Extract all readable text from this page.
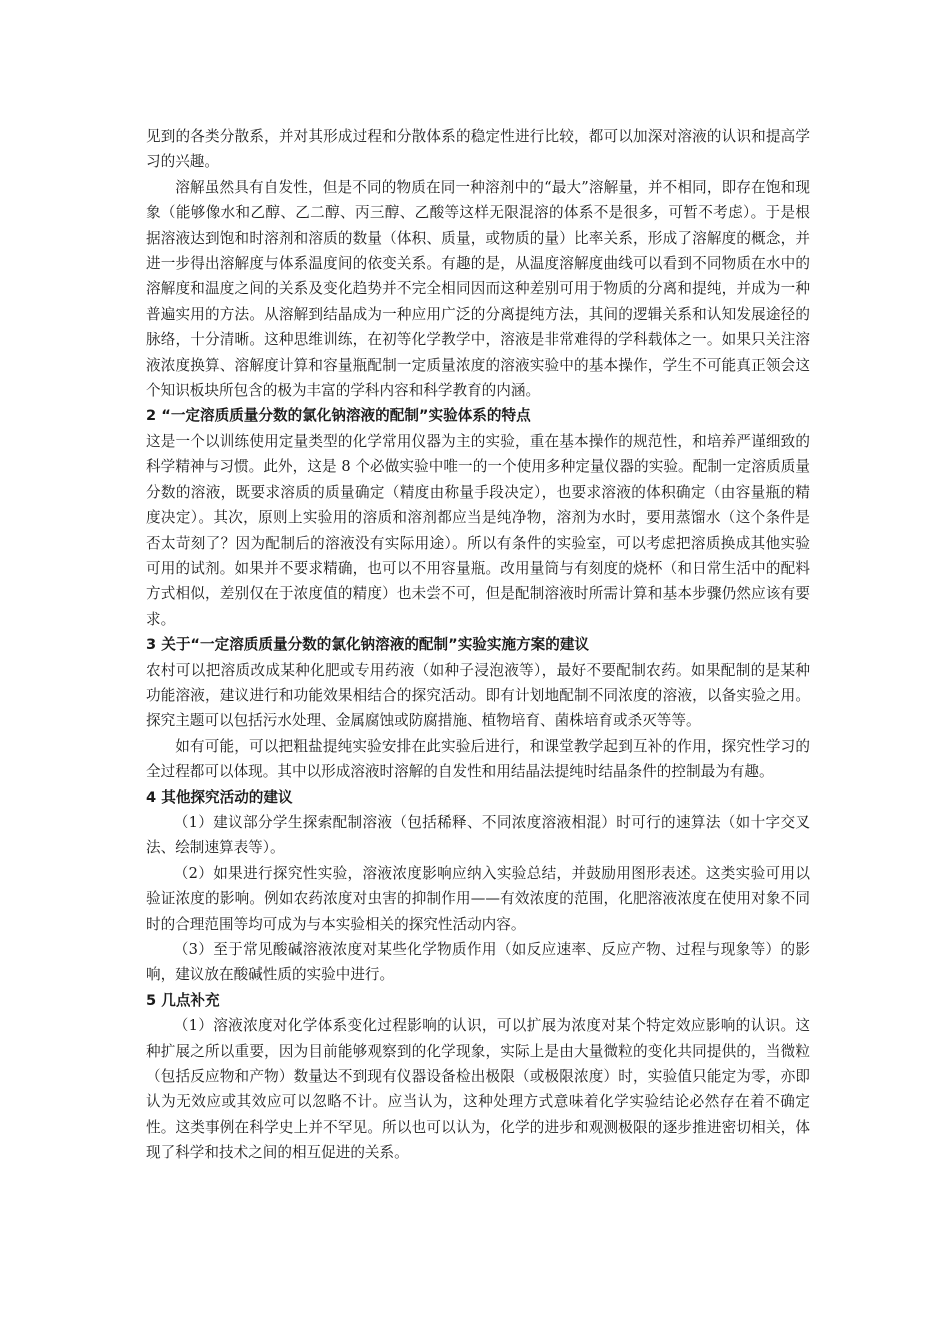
见到的各类分散系，并对其形成过程和分散体系的稳定性进行比较，都可以加深对溶液的认识和提高学习的兴趣。

溶解虽然具有自发性，但是不同的物质在同一种溶剂中的“最大”溶解量，并不相同，即存在饱和现象（能够像水和乙醇、乙二醇、丙三醇、乙酸等这样无限混溶的体系不是很多，可暂不考虑）。于是根据溶液达到饱和时溶剂和溶质的数量（体积、质量，或物质的量）比率关系，形成了溶解度的概念，并进一步得出溶解度与体系温度间的依变关系。有趣的是，从温度溶解度曲线可以看到不同物质在水中的溶解度和温度之间的关系及变化趋势并不完全相同因而这种差别可用于物质的分离和提纯，并成为一种普遍实用的方法。从溶解到结晶成为一种应用广泛的分离提纯方法，其间的逻辑关系和认知发展途径的脉络，十分清晰。这种思维训练，在初等化学教学中，溶液是非常难得的学科载体之一。如果只关注溶液浓度换算、溶解度计算和容量瓶配制一定质量浓度的溶液实验中的基本操作，学生不可能真正领会这个知识板块所包含的极为丰富的学科内容和科学教育的内涵。

2 “一定溶质质量分数的氯化钠溶液的配制”实验体系的特点

这是一个以训练使用定量类型的化学常用仪器为主的实验，重在基本操作的规范性，和培养严谨细致的科学精神与习惯。此外，这是 8 个必做实验中唯一的一个使用多种定量仪器的实验。配制一定溶质质量分数的溶液，既要求溶质的质量确定（精度由称量手段决定），也要求溶液的体积确定（由容量瓶的精度决定）。其次，原则上实验用的溶质和溶剂都应当是纯净物，溶剂为水时，要用蒸馏水（这个条件是否太苛刻了？因为配制后的溶液没有实际用途）。所以有条件的实验室，可以考虑把溶质换成其他实验可用的试剂。如果并不要求精确，也可以不用容量瓶。改用量筒与有刻度的烧杯（和日常生活中的配料方式相似，差别仅在于浓度值的精度）也未尝不可，但是配制溶液时所需计算和基本步骤仍然应该有要求。

3 关于“一定溶质质量分数的氯化钠溶液的配制”实验实施方案的建议

农村可以把溶质改成某种化肥或专用药液（如种子浸泡液等），最好不要配制农药。如果配制的是某种功能溶液，建议进行和功能效果相结合的探究活动。即有计划地配制不同浓度的溶液，以备实验之用。探究主题可以包括污水处理、金属腐蚀或防腐措施、植物培育、菌株培育或杀灭等等。

如有可能，可以把粗盐提纯实验安排在此实验后进行，和课堂教学起到互补的作用，探究性学习的全过程都可以体现。其中以形成溶液时溶解的自发性和用结晶法提纯时结晶条件的控制最为有趣。

4 其他探究活动的建议

（1）建议部分学生探索配制溶液（包括稀释、不同浓度溶液相混）时可行的速算法（如十字交叉法、绘制速算表等）。

（2）如果进行探究性实验，溶液浓度影响应纳入实验总结，并鼓励用图形表述。这类实验可用以验证浓度的影响。例如农药浓度对虫害的抑制作用——有效浓度的范围，化肥溶液浓度在使用对象不同时的合理范围等均可成为与本实验相关的探究性活动内容。

（3）至于常见酸碱溶液浓度对某些化学物质作用（如反应速率、反应产物、过程与现象等）的影响，建议放在酸碱性质的实验中进行。

5 几点补充

（1）溶液浓度对化学体系变化过程影响的认识，可以扩展为浓度对某个特定效应影响的认识。这种扩展之所以重要，因为目前能够观察到的化学现象，实际上是由大量微粒的变化共同提供的，当微粒（包括反应物和产物）数量达不到现有仪器设备检出极限（或极限浓度）时，实验值只能定为零，亦即认为无效应或其效应可以忽略不计。应当认为，这种处理方式意味着化学实验结论必然存在着不确定性。这类事例在科学史上并不罕见。所以也可以认为，化学的进步和观测极限的逐步推进密切相关，体现了科学和技术之间的相互促进的关系。
